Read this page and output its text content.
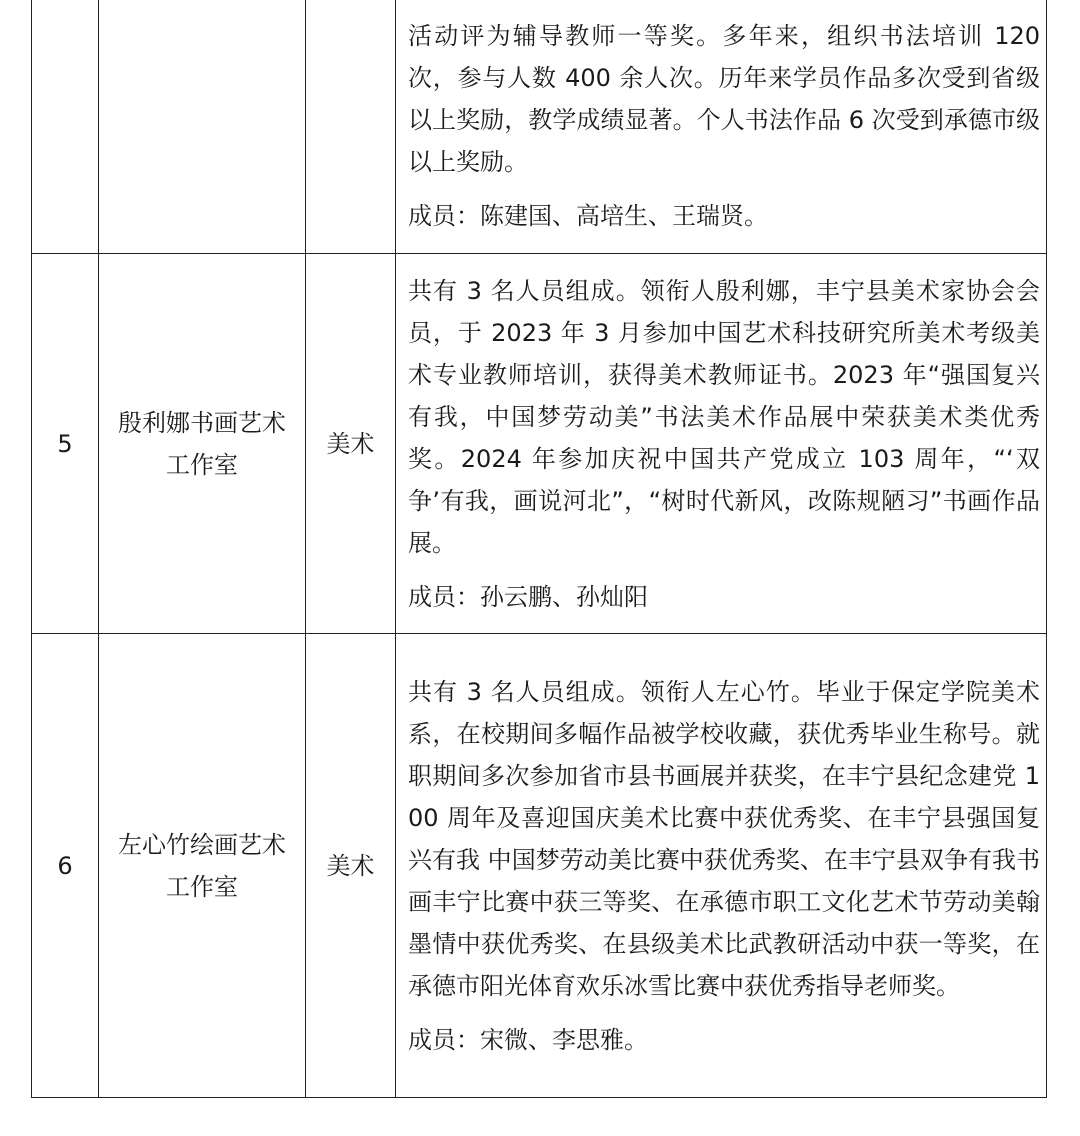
			活动评为辅导教师一等奖。多年来，组织书法培训 120 次，参与人数 400 余人次。历年来学员作品多次受到省级以上奖励，教学成绩显著。个人书法作品 6 次受到承德市级以上奖励。

成员：陈建国、高培生、王瑞贤。

5	殷利娜书画艺术工作室	美术	共有 3 名人员组成。领衔人殷利娜，丰宁县美术家协会会员，于 2023 年 3 月参加中国艺术科技研究所美术考级美术专业教师培训，获得美术教师证书。2023 年“强国复兴有我，中国梦劳动美”书法美术作品展中荣获美术类优秀奖。2024 年参加庆祝中国共产党成立 103 周年，“‘双争’有我，画说河北”，“树时代新风，改陈规陋习”书画作品展。

成员：孙云鹏、孙灿阳

6	左心竹绘画艺术工作室	美术	共有 3 名人员组成。领衔人左心竹。毕业于保定学院美术系，在校期间多幅作品被学校收藏，获优秀毕业生称号。就职期间多次参加省市县书画展并获奖，在丰宁县纪念建党 100 周年及喜迎国庆美术比赛中获优秀奖、在丰宁县强国复兴有我 中国梦劳动美比赛中获优秀奖、在丰宁县双争有我书画丰宁比赛中获三等奖、在承德市职工文化艺术节劳动美翰墨情中获优秀奖、在县级美术比武教研活动中获一等奖，在承德市阳光体育欢乐冰雪比赛中获优秀指导老师奖。

成员：宋微、李思雅。
